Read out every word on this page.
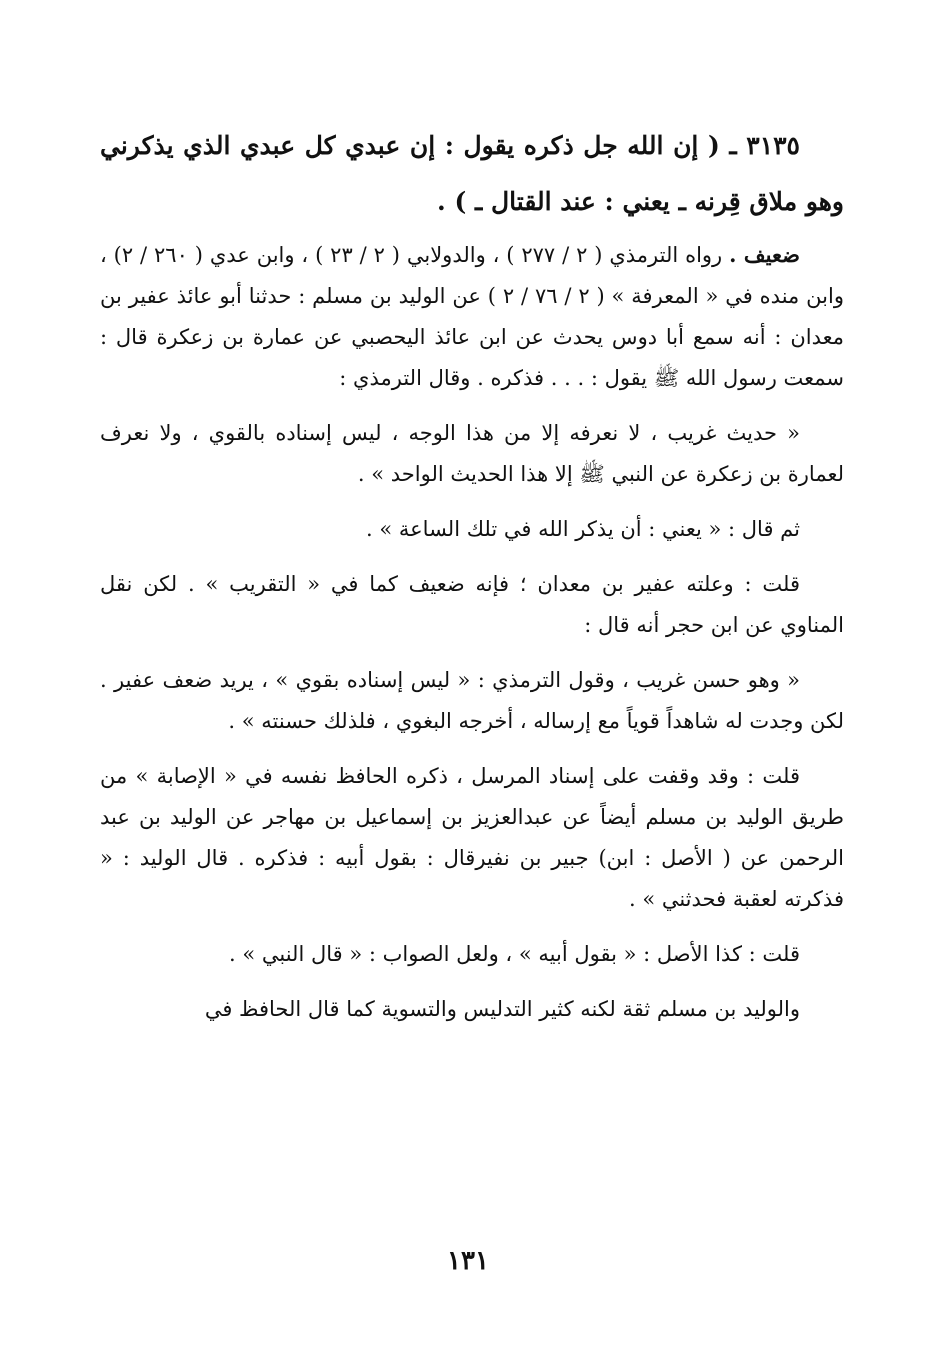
٣١٣٥ ـ ( إن الله جل ذكره يقول : إن عبدي كل عبدي الذي يذكرني وهو ملاق قِرنه ـ يعني : عند القتال ـ ) .

ضعيف . رواه الترمذي ( ٢ / ٢٧٧ ) ، والدولابي ( ٢ / ٢٣ ) ، وابن عدي ( ٢٦٠ / ٢) ، وابن منده في « المعرفة » ( ٢ / ٧٦ / ٢ ) عن الوليد بن مسلم : حدثنا أبو عائذ عفير بن معدان : أنه سمع أبا دوس يحدث عن ابن عائذ اليحصبي عن عمارة بن زعكرة قال : سمعت رسول الله ﷺ يقول : . . . فذكره . وقال الترمذي :

« حديث غريب ، لا نعرفه إلا من هذا الوجه ، ليس إسناده بالقوي ، ولا نعرف لعمارة بن زعكرة عن النبي ﷺ إلا هذا الحديث الواحد » .

ثم قال : « يعني : أن يذكر الله في تلك الساعة » .

قلت : وعلته عفير بن معدان ؛ فإنه ضعيف كما في « التقريب » . لكن نقل المناوي عن ابن حجر أنه قال :

« وهو حسن غريب ، وقول الترمذي : « ليس إسناده بقوي » ، يريد ضعف عفير . لكن وجدت له شاهداً قوياً مع إرساله ، أخرجه البغوي ، فلذلك حسنته » .

قلت : وقد وقفت على إسناد المرسل ، ذكره الحافظ نفسه في « الإصابة » من طريق الوليد بن مسلم أيضاً عن عبدالعزيز بن إسماعيل بن مهاجر عن الوليد بن عبد الرحمن عن ( الأصل : ابن) جبير بن نفيرقال : بقول أبيه : فذكره . قال الوليد : « فذكرته لعقبة فحدثني » .

قلت : كذا الأصل : « بقول أبيه » ، ولعل الصواب : « قال النبي » .

والوليد بن مسلم ثقة لكنه كثير التدليس والتسوية كما قال الحافظ في

١٣١
